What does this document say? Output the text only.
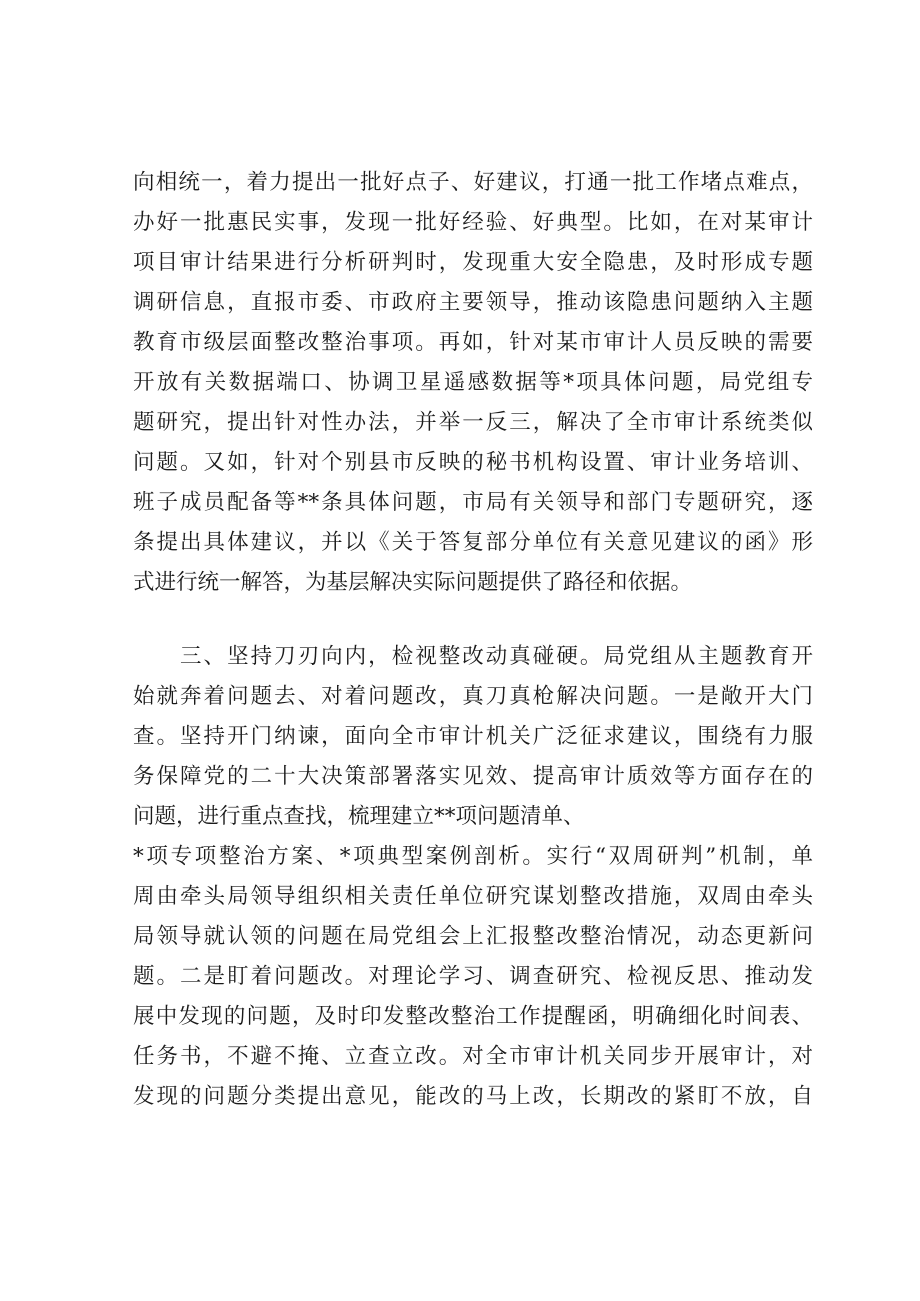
向相统一，着力提出一批好点子、好建议，打通一批工作堵点难点，
办好一批惠民实事，发现一批好经验、好典型。比如，在对某审计
项目审计结果进行分析研判时，发现重大安全隐患，及时形成专题
调研信息，直报市委、市政府主要领导，推动该隐患问题纳入主题
教育市级层面整改整治事项。再如，针对某市审计人员反映的需要
开放有关数据端口、协调卫星遥感数据等*项具体问题，局党组专
题研究，提出针对性办法，并举一反三，解决了全市审计系统类似
问题。又如，针对个别县市反映的秘书机构设置、审计业务培训、
班子成员配备等**条具体问题，市局有关领导和部门专题研究，逐
条提出具体建议，并以《关于答复部分单位有关意见建议的函》形
式进行统一解答，为基层解决实际问题提供了路径和依据。
　　三、坚持刀刃向内，检视整改动真碰硬。局党组从主题教育开
始就奔着问题去、对着问题改，真刀真枪解决问题。一是敞开大门
查。坚持开门纳谏，面向全市审计机关广泛征求建议，围绕有力服
务保障党的二十大决策部署落实见效、提高审计质效等方面存在的
问题，进行重点查找，梳理建立**项问题清单、
*项专项整治方案、*项典型案例剖析。实行“双周研判”机制，单
周由牵头局领导组织相关责任单位研究谋划整改措施，双周由牵头
局领导就认领的问题在局党组会上汇报整改整治情况，动态更新问
题。二是盯着问题改。对理论学习、调查研究、检视反思、推动发
展中发现的问题，及时印发整改整治工作提醒函，明确细化时间表、
任务书，不避不掩、立查立改。对全市审计机关同步开展审计，对
发现的问题分类提出意见，能改的马上改，长期改的紧盯不放，自
